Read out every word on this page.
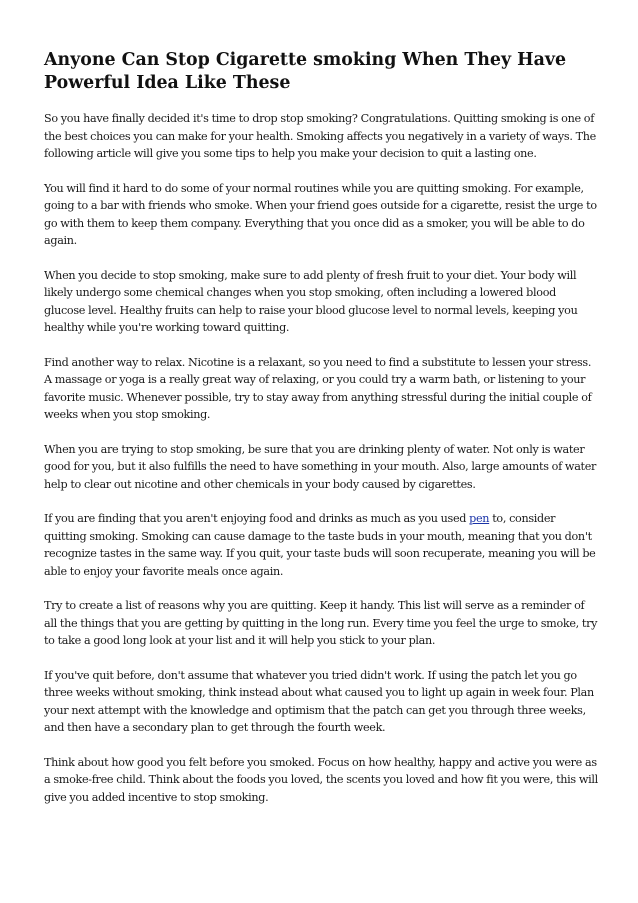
Anyone Can Stop Cigarette smoking When They Have Powerful Idea Like These

So you have finally decided it's time to drop stop smoking? Congratulations. Quitting smoking is one of the best choices you can make for your health. Smoking affects you negatively in a variety of ways. The following article will give you some tips to help you make your decision to quit a lasting one.

You will find it hard to do some of your normal routines while you are quitting smoking. For example, going to a bar with friends who smoke. When your friend goes outside for a cigarette, resist the urge to go with them to keep them company. Everything that you once did as a smoker, you will be able to do again.

When you decide to stop smoking, make sure to add plenty of fresh fruit to your diet. Your body will likely undergo some chemical changes when you stop smoking, often including a lowered blood glucose level. Healthy fruits can help to raise your blood glucose level to normal levels, keeping you healthy while you're working toward quitting.

Find another way to relax. Nicotine is a relaxant, so you need to find a substitute to lessen your stress. A massage or yoga is a really great way of relaxing, or you could try a warm bath, or listening to your favorite music. Whenever possible, try to stay away from anything stressful during the initial couple of weeks when you stop smoking.

When you are trying to stop smoking, be sure that you are drinking plenty of water. Not only is water good for you, but it also fulfills the need to have something in your mouth. Also, large amounts of water help to clear out nicotine and other chemicals in your body caused by cigarettes.

If you are finding that you aren't enjoying food and drinks as much as you used pen to, consider quitting smoking. Smoking can cause damage to the taste buds in your mouth, meaning that you don't recognize tastes in the same way. If you quit, your taste buds will soon recuperate, meaning you will be able to enjoy your favorite meals once again.

Try to create a list of reasons why you are quitting. Keep it handy. This list will serve as a reminder of all the things that you are getting by quitting in the long run. Every time you feel the urge to smoke, try to take a good long look at your list and it will help you stick to your plan.

If you've quit before, don't assume that whatever you tried didn't work. If using the patch let you go three weeks without smoking, think instead about what caused you to light up again in week four. Plan your next attempt with the knowledge and optimism that the patch can get you through three weeks, and then have a secondary plan to get through the fourth week.

Think about how good you felt before you smoked. Focus on how healthy, happy and active you were as a smoke-free child. Think about the foods you loved, the scents you loved and how fit you were, this will give you added incentive to stop smoking.
